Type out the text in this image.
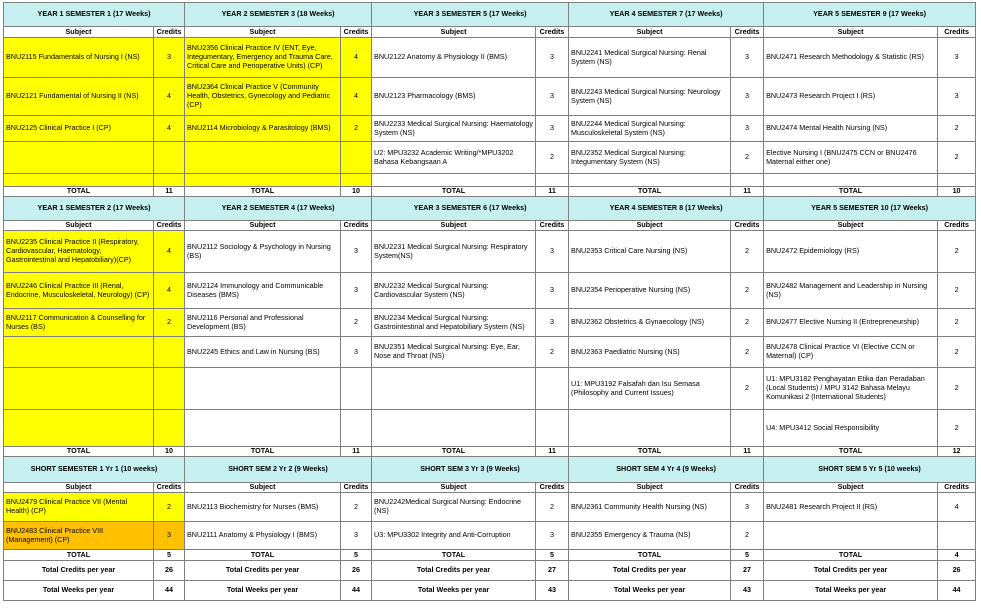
YEAR 1 SEMESTER 1 (17 Weeks)		YEAR 2 SEMESTER 3 (18 Weeks)		YEAR 3 SEMESTER 5 (17 Weeks)		YEAR 4 SEMESTER 7 (17 Weeks)		YEAR 5 SEMESTER 9 (17 Weeks)	
Subject	Credits	Subject	Credits	Subject	Credits	Subject	Credits	Subject	Credits
BNU2115 Fundamentals of Nursing I (NS)	3	BNU2356 Clinical Practice IV (ENT, Eye, Integumentary, Emergency and Trauma Care, Critical Care and Perioperative Units) (CP)	4	BNU2122 Anatomy & Physiology II (BMS)	3	BNU2241 Medical Surgical Nursing: Renal System (NS)	3	BNU2471 Research Methodology & Statistic (RS)	3
BNU2121 Fundamental of Nursing II (NS)	4	BNU2364 Clinical Practice V (Community Health, Obstetrics, Gynecology and Pediatric (CP)	4	BNU2123 Pharmacology (BMS)	3	BNU2243 Medical Surgical Nursing: Neurology System (NS)	3	BNU2473 Research Project I (RS)	3
BNU2125 Clinical Practice I (CP)	4	BNU2114 Microbiology & Parasitology (BMS)	2	BNU2233 Medical Surgical Nursing: Haematology System (NS)	3	BNU2244 Medical Surgical Nursing: Musculoskeletal System (NS)	3	BNU2474 Mental Health Nursing (NS)	2
				U2: MPU3232 Academic Writing/*MPU3202 Bahasa Kebangsaan A	2	BNU2352 Medical Surgical Nursing: Integumentary System (NS)	2	Elective Nursing I (BNU2475 CCN or BNU2476 Maternal either one)	2

TOTAL	11	TOTAL	10	TOTAL	11	TOTAL	11	TOTAL	10
YEAR 1 SEMESTER 2 (17 Weeks)		YEAR 2 SEMESTER 4 (17 Weeks)		YEAR 3 SEMESTER 6 (17 Weeks)		YEAR 4 SEMESTER 8 (17 Weeks)		YEAR 5 SEMESTER 10 (17 Weeks)	
Subject	Credits	Subject	Credits	Subject	Credits	Subject	Credits	Subject	Credits
BNU2235 Clinical Practice II (Respiratory, Cardiovascular, Haematology, Gastrointestinal and Hepatobiliary)(CP)	4	BNU2112 Sociology & Psychology in Nursing (BS)	3	BNU2231 Medical Surgical Nursing: Respiratory System(NS)	3	BNU2353 Critical Care Nursing (NS)	2	BNU2472 Epidemiology (RS)	2
BNU2246 Clinical Practice III (Renal, Endocrine, Musculoskeletal, Neurology) (CP)	4	BNU2124 Immunology and Communicable Diseases (BMS)	3	BNU2232 Medical Surgical Nursing: Cardiovascular System (NS)	3	BNU2354 Perioperative Nursing (NS)	2	BNU2482 Management and Leadership in Nursing (NS)	2
BNU2117 Communication & Counselling for Nurses (BS)	2	BNU2116 Personal and Professional Development (BS)	2	BNU2234 Medical Surgical Nursing: Gastrointestinal and Hepatobiliary System (NS)	3	BNU2362 Obstetrics & Gynaecology (NS)	2	BNU2477 Elective Nursing II (Entrepreneurship)	2
		BNU2245 Ethics and Law in Nursing (BS)	3	BNU2351 Medical Surgical Nursing: Eye, Ear, Nose and Throat (NS)	2	BNU2363 Paediatric Nursing (NS)	2	BNU2478 Clinical Practice VI (Elective CCN or Maternal) (CP)	2
						U1: MPU3192 Falsafah dan Isu Semasa (Philosophy and Current Issues)	2	U1: MPU3182 Penghayatan Etika dan Peradaban (Local Students) / MPU 3142 Bahasa Melayu Komunikasi 2 (International Students)	2
								U4: MPU3412 Social Responsibility	2
TOTAL	10	TOTAL	11	TOTAL	11	TOTAL	11	TOTAL	12
SHORT SEMESTER 1 Yr 1 (10 weeks)		SHORT SEM 2 Yr 2 (9 Weeks)		SHORT SEM 3 Yr 3 (9 Weeks)		SHORT SEM 4 Yr 4 (9 Weeks)		SHORT SEM 5 Yr 5 (10 weeks)	
Subject	Credits	Subject	Credits	Subject	Credits	Subject	Credits	Subject	Credits
BNU2479 Clinical Practice VII (Mental Health) (CP)	2	BNU2113 Biochemistry for Nurses (BMS)	2	BNU2242Medical Surgical Nursing: Endocrine (NS)	2	BNU2361 Community Health Nursing (NS)	3	BNU2481 Research Project II (RS)	4
BNU2483 Clinical Practice VIII (Management) (CP)	3	BNU2111 Anatomy & Physiology I (BMS)	3	U3: MPU3302 Integrity and Anti-Corruption	3	BNU2355 Emergency & Trauma (NS)	2		
TOTAL	5	TOTAL	5	TOTAL	5	TOTAL	5	TOTAL	4
Total Credits per year	26	Total Credits per year	26	Total Credits per year	27	Total Credits per year	27	Total Credits per year	26
Total Weeks per year	44	Total Weeks per year	44	Total Weeks per year	43	Total Weeks per year	43	Total Weeks per year	44
